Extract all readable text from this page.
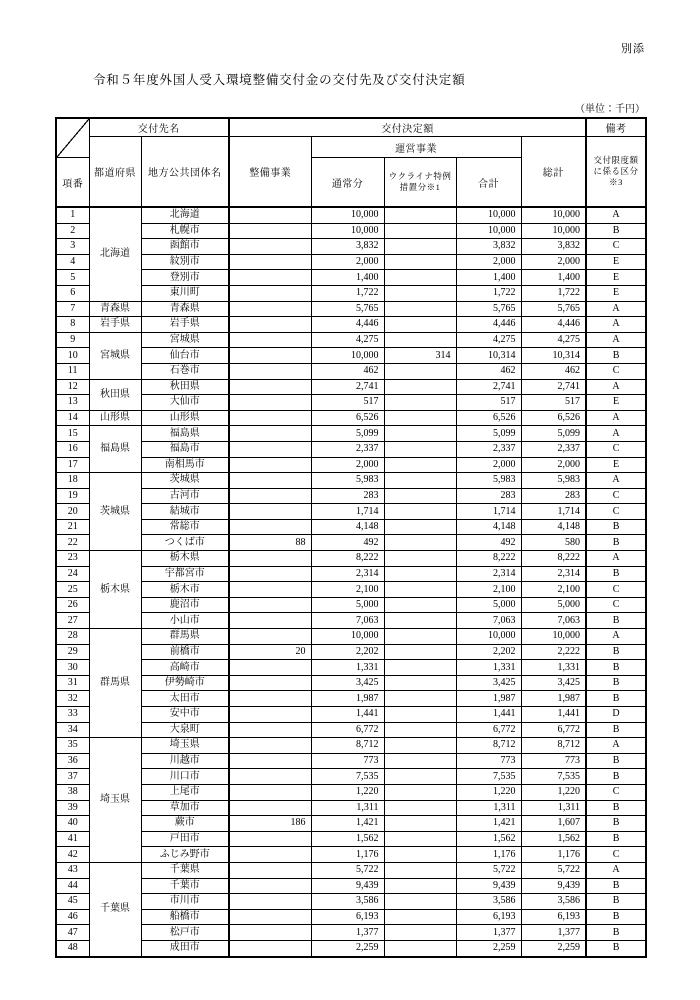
別添
令和５年度外国人受入環境整備交付金の交付先及び交付決定額
（単位：千円）
	交付先名		交付決定額					備考
	都道府県	地方公共団体名	整備事業	運営事業			総計	交付限度額に係る区分※3
項番				通常分	ウクライナ特例措置分※1	合計		
1	北海道	北海道		10,000		10,000	10,000	A
2		札幌市		10,000		10,000	10,000	B
3		函館市		3,832		3,832	3,832	C
4		紋別市		2,000		2,000	2,000	E
5		登別市		1,400		1,400	1,400	E
6		東川町		1,722		1,722	1,722	E
7	青森県	青森県		5,765		5,765	5,765	A
8	岩手県	岩手県		4,446		4,446	4,446	A
9	宮城県	宮城県		4,275		4,275	4,275	A
10		仙台市		10,000	314	10,314	10,314	B
11		石巻市		462		462	462	C
12	秋田県	秋田県		2,741		2,741	2,741	A
13		大仙市		517		517	517	E
14	山形県	山形県		6,526		6,526	6,526	A
15	福島県	福島県		5,099		5,099	5,099	A
16		福島市		2,337		2,337	2,337	C
17		南相馬市		2,000		2,000	2,000	E
18	茨城県	茨城県		5,983		5,983	5,983	A
19		古河市		283		283	283	C
20		結城市		1,714		1,714	1,714	C
21		常総市		4,148		4,148	4,148	B
22		つくば市	88	492		492	580	B
23	栃木県	栃木県		8,222		8,222	8,222	A
24		宇都宮市		2,314		2,314	2,314	B
25		栃木市		2,100		2,100	2,100	C
26		鹿沼市		5,000		5,000	5,000	C
27		小山市		7,063		7,063	7,063	B
28	群馬県	群馬県		10,000		10,000	10,000	A
29		前橋市	20	2,202		2,202	2,222	B
30		高崎市		1,331		1,331	1,331	B
31		伊勢崎市		3,425		3,425	3,425	B
32		太田市		1,987		1,987	1,987	B
33		安中市		1,441		1,441	1,441	D
34		大泉町		6,772		6,772	6,772	B
35	埼玉県	埼玉県		8,712		8,712	8,712	A
36		川越市		773		773	773	B
37		川口市		7,535		7,535	7,535	B
38		上尾市		1,220		1,220	1,220	C
39		草加市		1,311		1,311	1,311	B
40		蕨市	186	1,421		1,421	1,607	B
41		戸田市		1,562		1,562	1,562	B
42		ふじみ野市		1,176		1,176	1,176	C
43	千葉県	千葉県		5,722		5,722	5,722	A
44		千葉市		9,439		9,439	9,439	B
45		市川市		3,586		3,586	3,586	B
46		船橋市		6,193		6,193	6,193	B
47		松戸市		1,377		1,377	1,377	B
48		成田市		2,259		2,259	2,259	B
